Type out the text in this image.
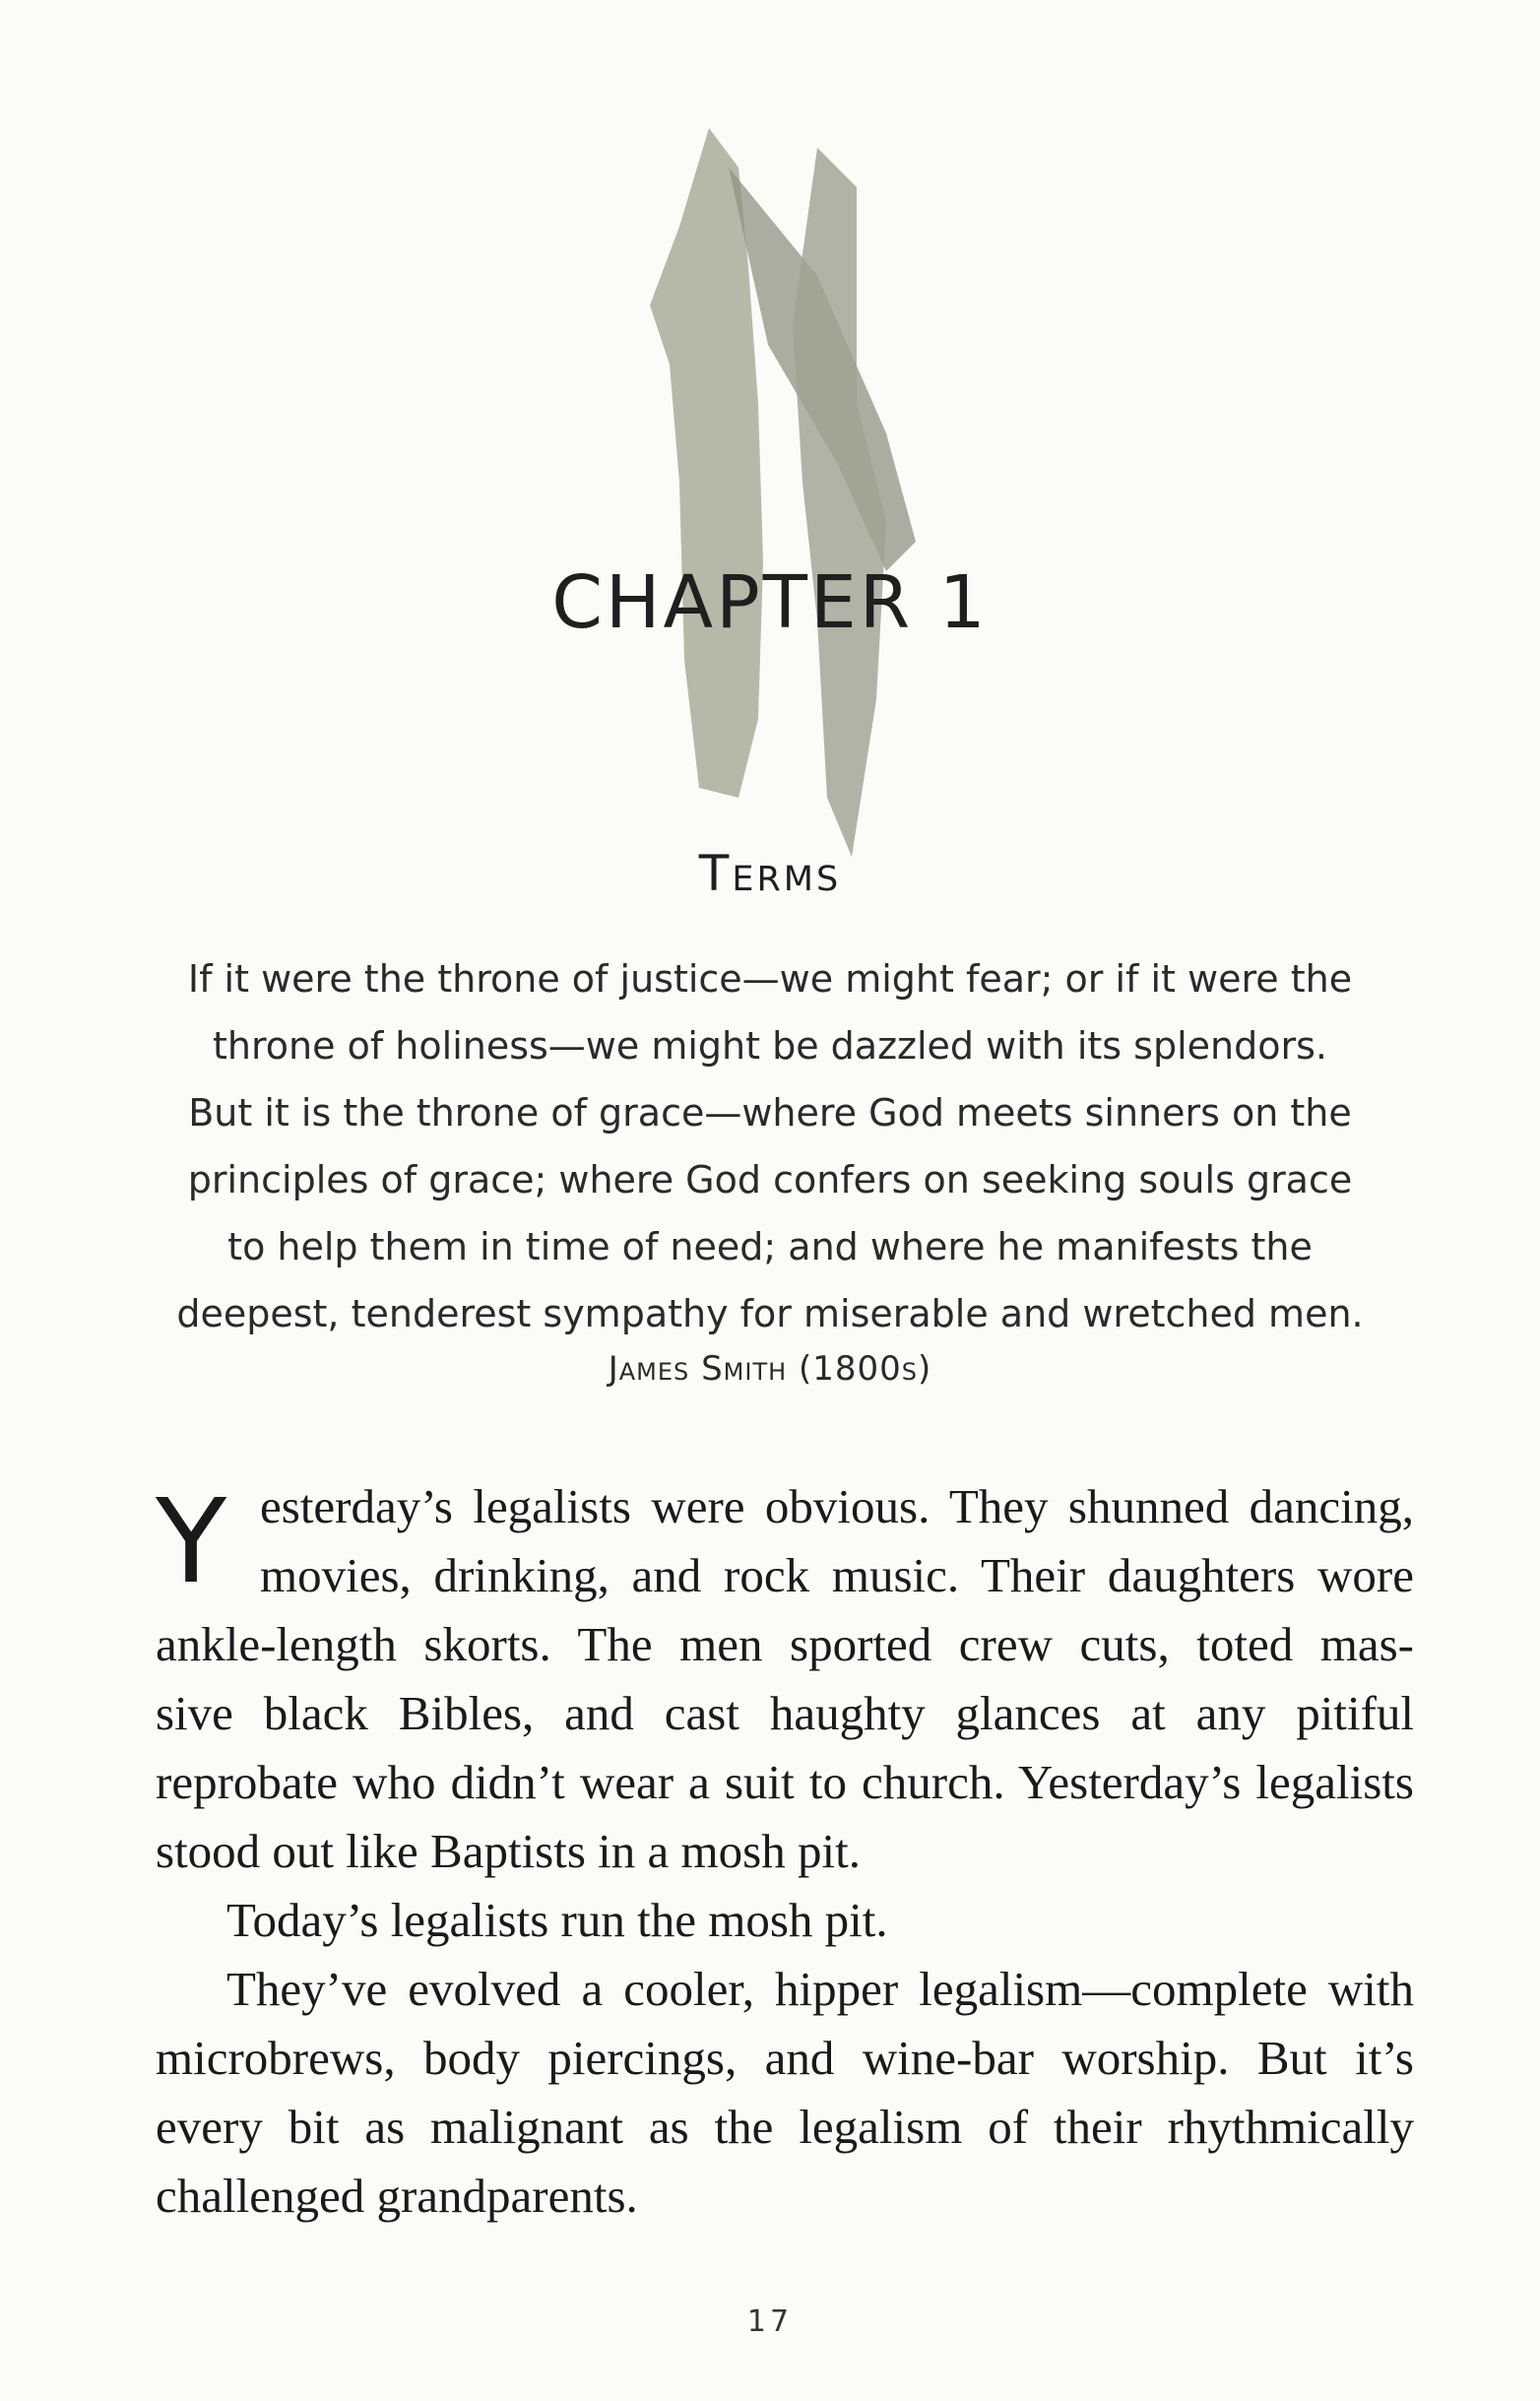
CHAPTER 1
Terms
If it were the throne of justice—we might fear; or if it were the
throne of holiness—we might be dazzled with its splendors.
But it is the throne of grace—where God meets sinners on the
principles of grace; where God confers on seeking souls grace
to help them in time of need; and where he manifests the
deepest, tenderest sympathy for miserable and wretched men.
James Smith (1800s)
Y esterday’s legalists were obvious. They shunned dancing,
movies, drinking, and rock music. Their daughters wore
ankle-length skorts. The men sported crew cuts, toted mas-
sive black Bibles, and cast haughty glances at any pitiful
reprobate who didn’t wear a suit to church. Yesterday’s legalists
stood out like Baptists in a mosh pit.
Today’s legalists run the mosh pit.
They’ve evolved a cooler, hipper legalism—complete with
microbrews, body piercings, and wine-bar worship. But it’s
every bit as malignant as the legalism of their rhythmically
challenged grandparents.
17
